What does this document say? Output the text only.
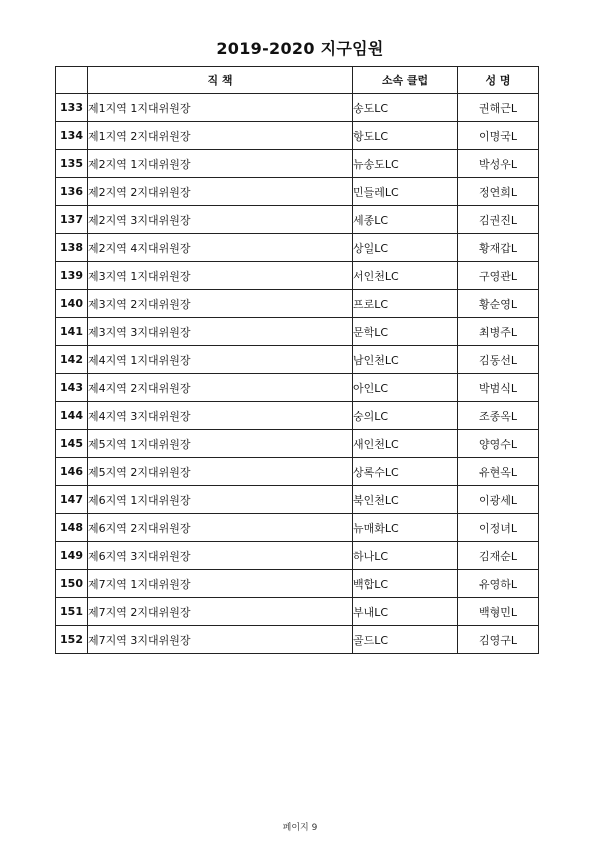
2019-2020 지구임원
	직 책	소속 클럽	성 명
133	제1지역 1지대위원장	송도LC	권해근L
134	제1지역 2지대위원장	항도LC	이명국L
135	제2지역 1지대위원장	뉴송도LC	박성우L
136	제2지역 2지대위원장	민들레LC	정연희L
137	제2지역 3지대위원장	세종LC	김권진L
138	제2지역 4지대위원장	상일LC	황재갑L
139	제3지역 1지대위원장	서인천LC	구영관L
140	제3지역 2지대위원장	프로LC	황순영L
141	제3지역 3지대위원장	문학LC	최병주L
142	제4지역 1지대위원장	남인천LC	김동선L
143	제4지역 2지대위원장	아인LC	박범식L
144	제4지역 3지대위원장	숭의LC	조종옥L
145	제5지역 1지대위원장	새인천LC	양영수L
146	제5지역 2지대위원장	상록수LC	유현옥L
147	제6지역 1지대위원장	북인천LC	이광세L
148	제6지역 2지대위원장	뉴매화LC	이정녀L
149	제6지역 3지대위원장	하나LC	김재순L
150	제7지역 1지대위원장	백합LC	유영하L
151	제7지역 2지대위원장	부내LC	백형민L
152	제7지역 3지대위원장	골드LC	김영구L
페이지 9
